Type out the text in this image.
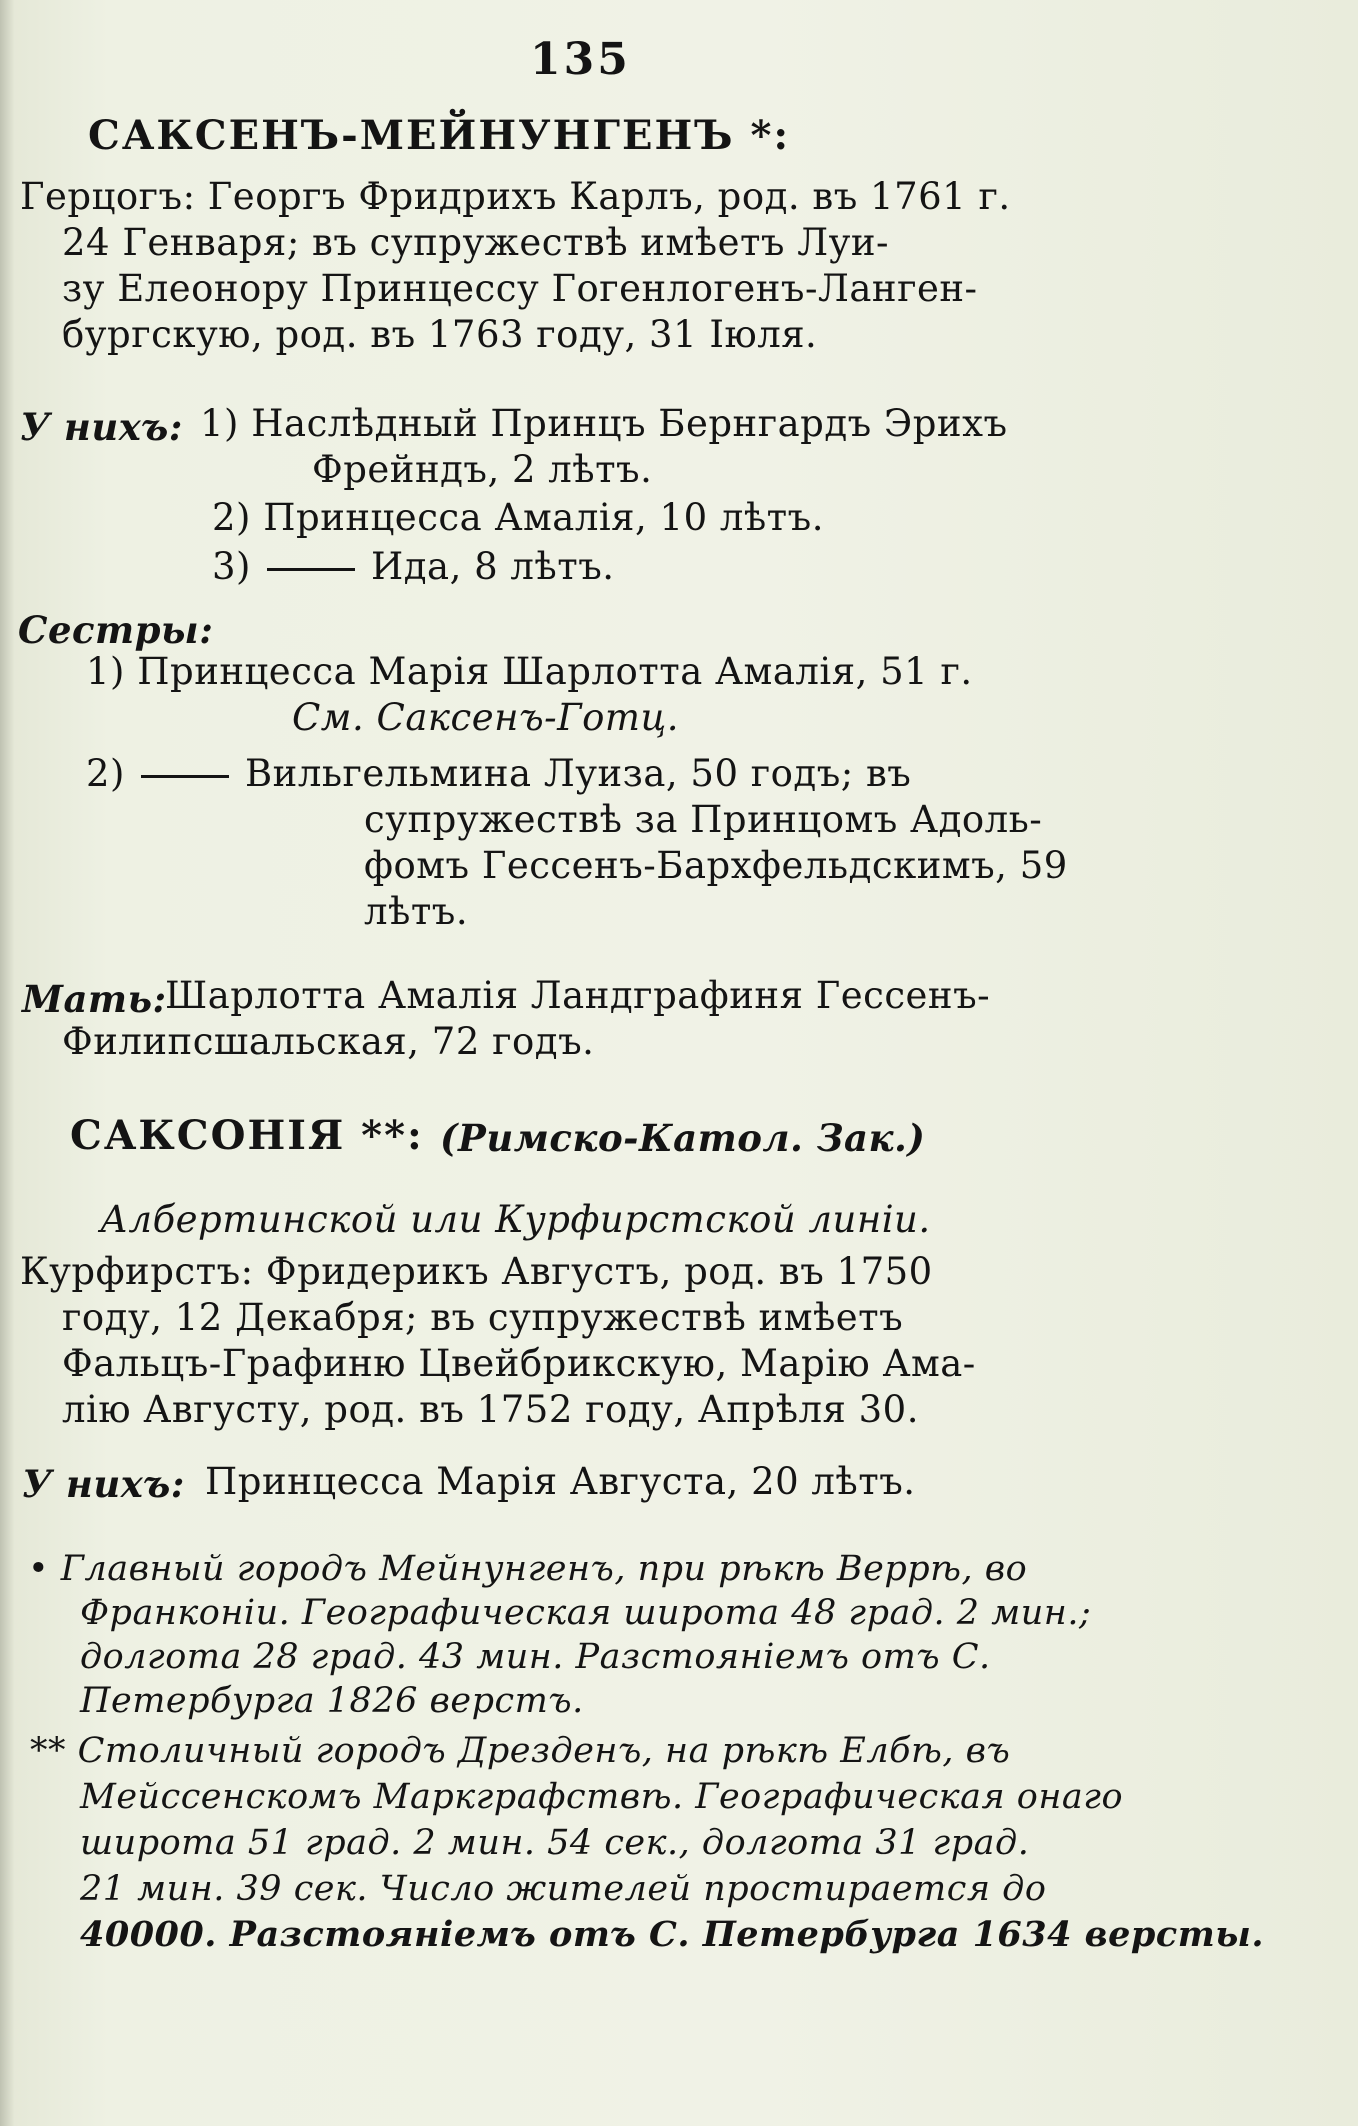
135
САКСЕНЪ-МЕЙНУНГЕНЪ *:
Герцогъ: Георгъ Фридрихъ Карлъ, род. въ 1761 г.
24 Генваря; въ супружествѣ имѣетъ Луи-
зу Елеонору Принцессу Гогенлогенъ-Ланген-
бургскую, род. въ 1763 году, 31 Іюля.
У нихъ: 1) Наслѣдный Принцъ Бернгардъ Эрихъ
Фрейндъ, 2 лѣтъ.
2) Принцесса Амалія, 10 лѣтъ.
3)	Ида, 8 лѣтъ.
Сестры:
1) Принцесса Марія Шарлотта Амалія, 51 г.
См. Саксенъ-Готц.
2)	Вильгельмина Луиза, 50 годъ; въ
супружествѣ за Принцомъ Адоль-
фомъ Гессенъ-Бархфельдскимъ, 59
лѣтъ.
Мать:
Шарлотта Амалія Ландграфиня Гессенъ-
Филипсшальская, 72 годъ.
САКСОНІЯ **: (Римско-Катол. Зак.)
Албертинской или Курфирстской линіи.
Курфирстъ: Фридерикъ Августъ, род. въ 1750
году, 12 Декабря; въ супружествѣ имѣетъ
Фальцъ-Графиню Цвейбрикскую, Марію Ама-
лію Августу, род. въ 1752 году, Апрѣля 30.
У нихъ: Принцесса Марія Августа, 20 лѣтъ.
• Главный городъ Мейнунгенъ, при рѣкѣ Веррѣ, во
Франконіи. Географическая широта 48 град. 2 мин.;
долгота 28 град. 43 мин. Разстояніемъ отъ С.
Петербурга 1826 верстъ.
** Столичный городъ Дрезденъ, на рѣкѣ Елбѣ, въ
Мейссенскомъ Маркграфствѣ. Географическая онаго
широта 51 град. 2 мин. 54 сек., долгота 31 град.
21 мин. 39 сек. Число жителей простирается до
40000. Разстояніемъ отъ С. Петербурга 1634 версты.
